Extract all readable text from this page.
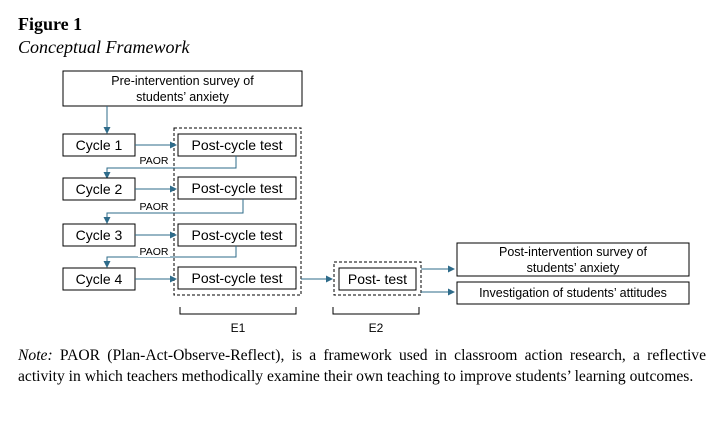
Figure 1
Conceptual Framework
Pre-intervention survey of
students’ anxiety
Cycle 1	Post-cycle test
PAOR
Cycle 2	Post-cycle test
PAOR
Cycle 3	Post-cycle test
PAOR
Cycle 4	Post-cycle test	Post- test
Post-intervention survey of
students’ anxiety
Investigation of students’ attitudes
E1	E2
Note: PAOR (Plan-Act-Observe-Reflect), is a framework used in classroom action research, a reflective activity in which teachers methodically examine their own teaching to improve students’ learning outcomes.
